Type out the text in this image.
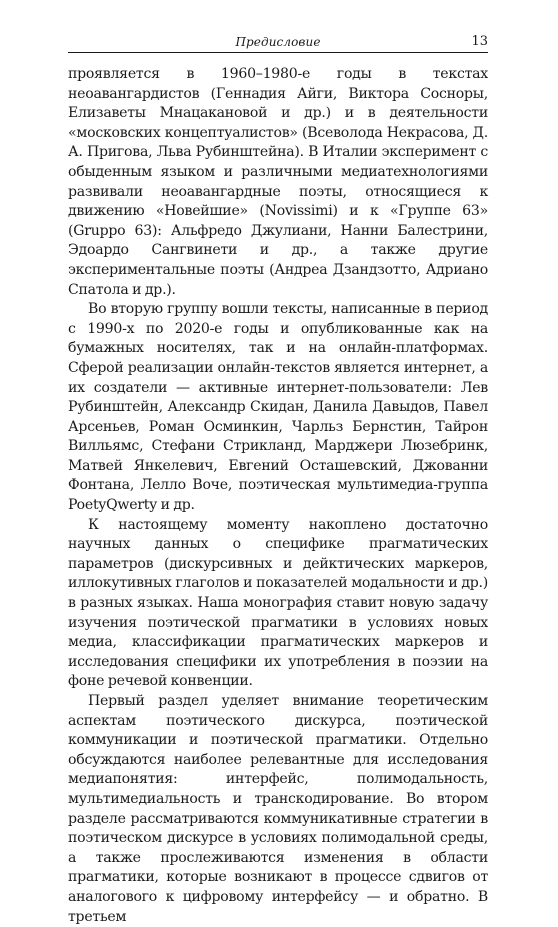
Предисловие	13

проявляется в 1960–1980-е годы в текстах неоавангардистов (Геннадия Айги, Виктора Сосноры, Елизаветы Мнацакановой и др.) и в деятельности «московских концептуалистов» (Всеволода Некрасова, Д. А. Пригова, Льва Рубинштейна). В Италии эксперимент с обыденным языком и различными медиатехнологиями развивали неоавангардные поэты, относящиеся к движению «Новейшие» (Novissimi) и к «Группе 63» (Gruppo 63): Альфредо Джулиани, Нанни Балестрини, Эдоардо Сангвинети и др., а также другие экспериментальные поэты (Андреа Дзандзотто, Адриано Спатола и др.).

Во вторую группу вошли тексты, написанные в период с 1990-х по 2020-е годы и опубликованные как на бумажных носителях, так и на онлайн-платформах. Сферой реализации онлайн-текстов является интернет, а их создатели — активные интернет-пользователи: Лев Рубинштейн, Александр Скидан, Данила Давыдов, Павел Арсеньев, Роман Осминкин, Чарльз Бернстин, Тайрон Вилльямс, Стефани Стрикланд, Марджери Люзебринк, Матвей Янкелевич, Евгений Осташевский, Джованни Фонтана, Лелло Воче, поэтическая мультимедиа-группа PoetyQwerty и др.

К настоящему моменту накоплено достаточно научных данных о специфике прагматических параметров (дискурсивных и дейктических маркеров, иллокутивных глаголов и показателей модальности и др.) в разных языках. Наша монография ставит новую задачу изучения поэтической прагматики в условиях новых медиа, классификации прагматических маркеров и исследования специфики их употребления в поэзии на фоне речевой конвенции.

Первый раздел уделяет внимание теоретическим аспектам поэтического дискурса, поэтической коммуникации и поэтической прагматики. Отдельно обсуждаются наиболее релевантные для исследования медиапонятия: интерфейс, полимодальность, мультимедиальность и транскодирование. Во втором разделе рассматриваются коммуникативные стратегии в поэтическом дискурсе в условиях полимодальной среды, а также прослеживаются изменения в области прагматики, которые возникают в процессе сдвигов от аналогового к цифровому интерфейсу — и обратно. В третьем
